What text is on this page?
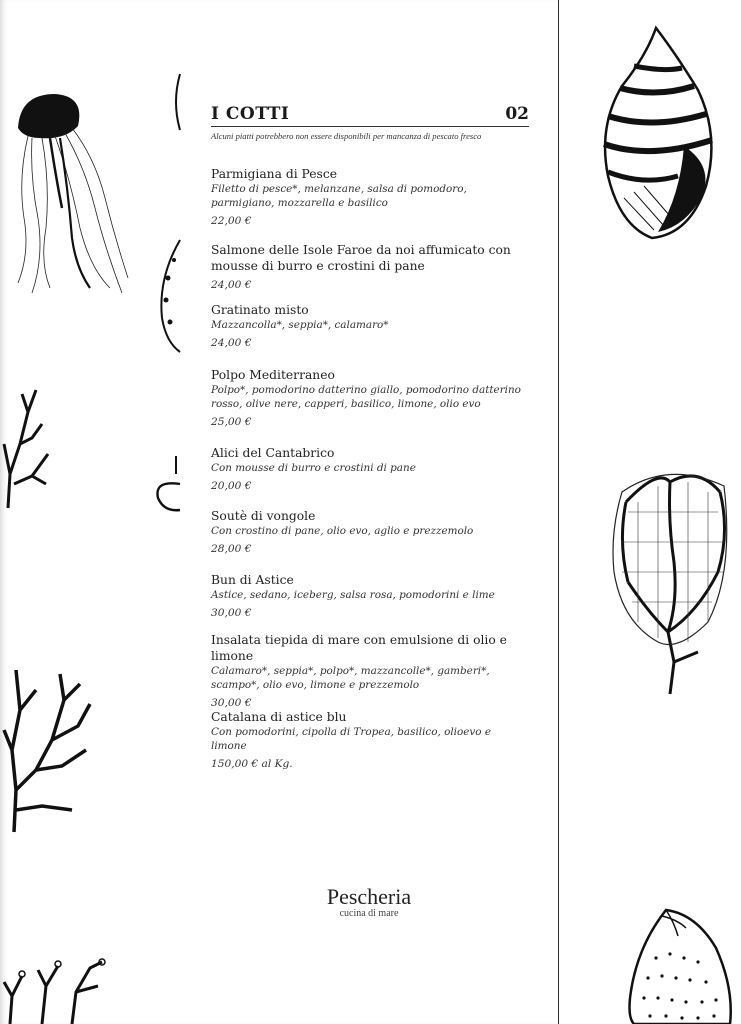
I COTTI	02
Alcuni piatti potrebbero non essere disponibili per mancanza di pescato fresco
Parmigiana di Pesce
Filetto di pesce*, melanzane, salsa di pomodoro, parmigiano, mozzarella e basilico
22,00 €
Salmone delle Isole Faroe da noi affumicato con mousse di burro e crostini di pane
24,00 €
Gratinato misto
Mazzancolla*, seppia*, calamaro*
24,00 €
Polpo Mediterraneo
Polpo*, pomodorino datterino giallo, pomodorino datterino rosso, olive nere, capperi, basilico, limone, olio evo
25,00 €
Alici del Cantabrico
Con mousse di burro e crostini di pane
20,00 €
Soutè di vongole
Con crostino di pane, olio evo, aglio e prezzemolo
28,00 €
Bun di Astice
Astice, sedano, iceberg, salsa rosa, pomodorini e lime
30,00 €
Insalata tiepida di mare con emulsione di olio e limone
Calamaro*, seppia*, polpo*, mazzancolle*, gamberi*, scampo*, olio evo, limone e prezzemolo
30,00 €
Catalana di astice blu
Con pomodorini, cipolla di Tropea, basilico, olioevo e limone
150,00 € al Kg.
Pescheria
cucina di mare
